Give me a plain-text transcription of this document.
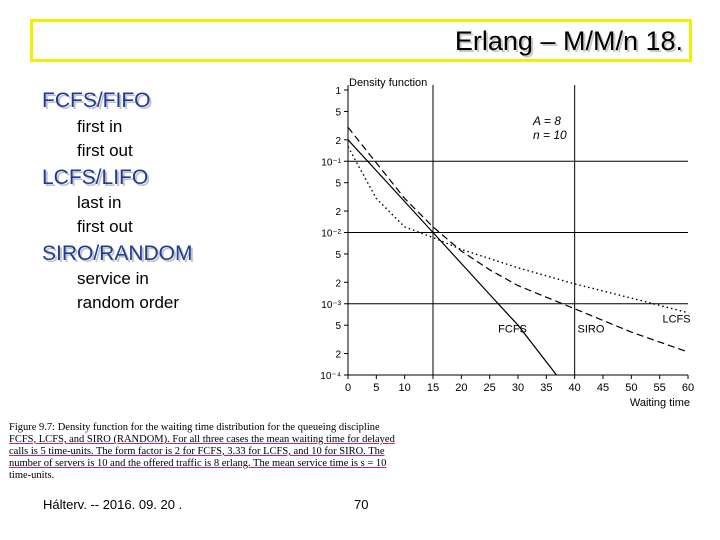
Erlang – M/M/n 18.
FCFS/FIFO
first in
first out
LCFS/LIFO
last in
first out
SIRO/RANDOM
service in
random order
1
5
2
10⁻¹
5
2
10⁻²
5
2
10⁻³
5
2
10⁻⁴
0 5 10 15 20 25 30 35 40 45 50 55 60
Density function
Waiting time
A = 8
n = 10
FCFS	SIRO
LCFS
Figure 9.7: Density function for the waiting time distribution for the queueing discipline
FCFS, LCFS, and SIRO (RANDOM). For all three cases the mean waiting time for delayed
calls is 5 time-units. The form factor is 2 for FCFS, 3.33 for LCFS, and 10 for SIRO. The
number of servers is 10 and the offered traffic is 8 erlang. The mean service time is s = 10
time-units.
Hálterv. -- 2016. 09. 20 .	70
